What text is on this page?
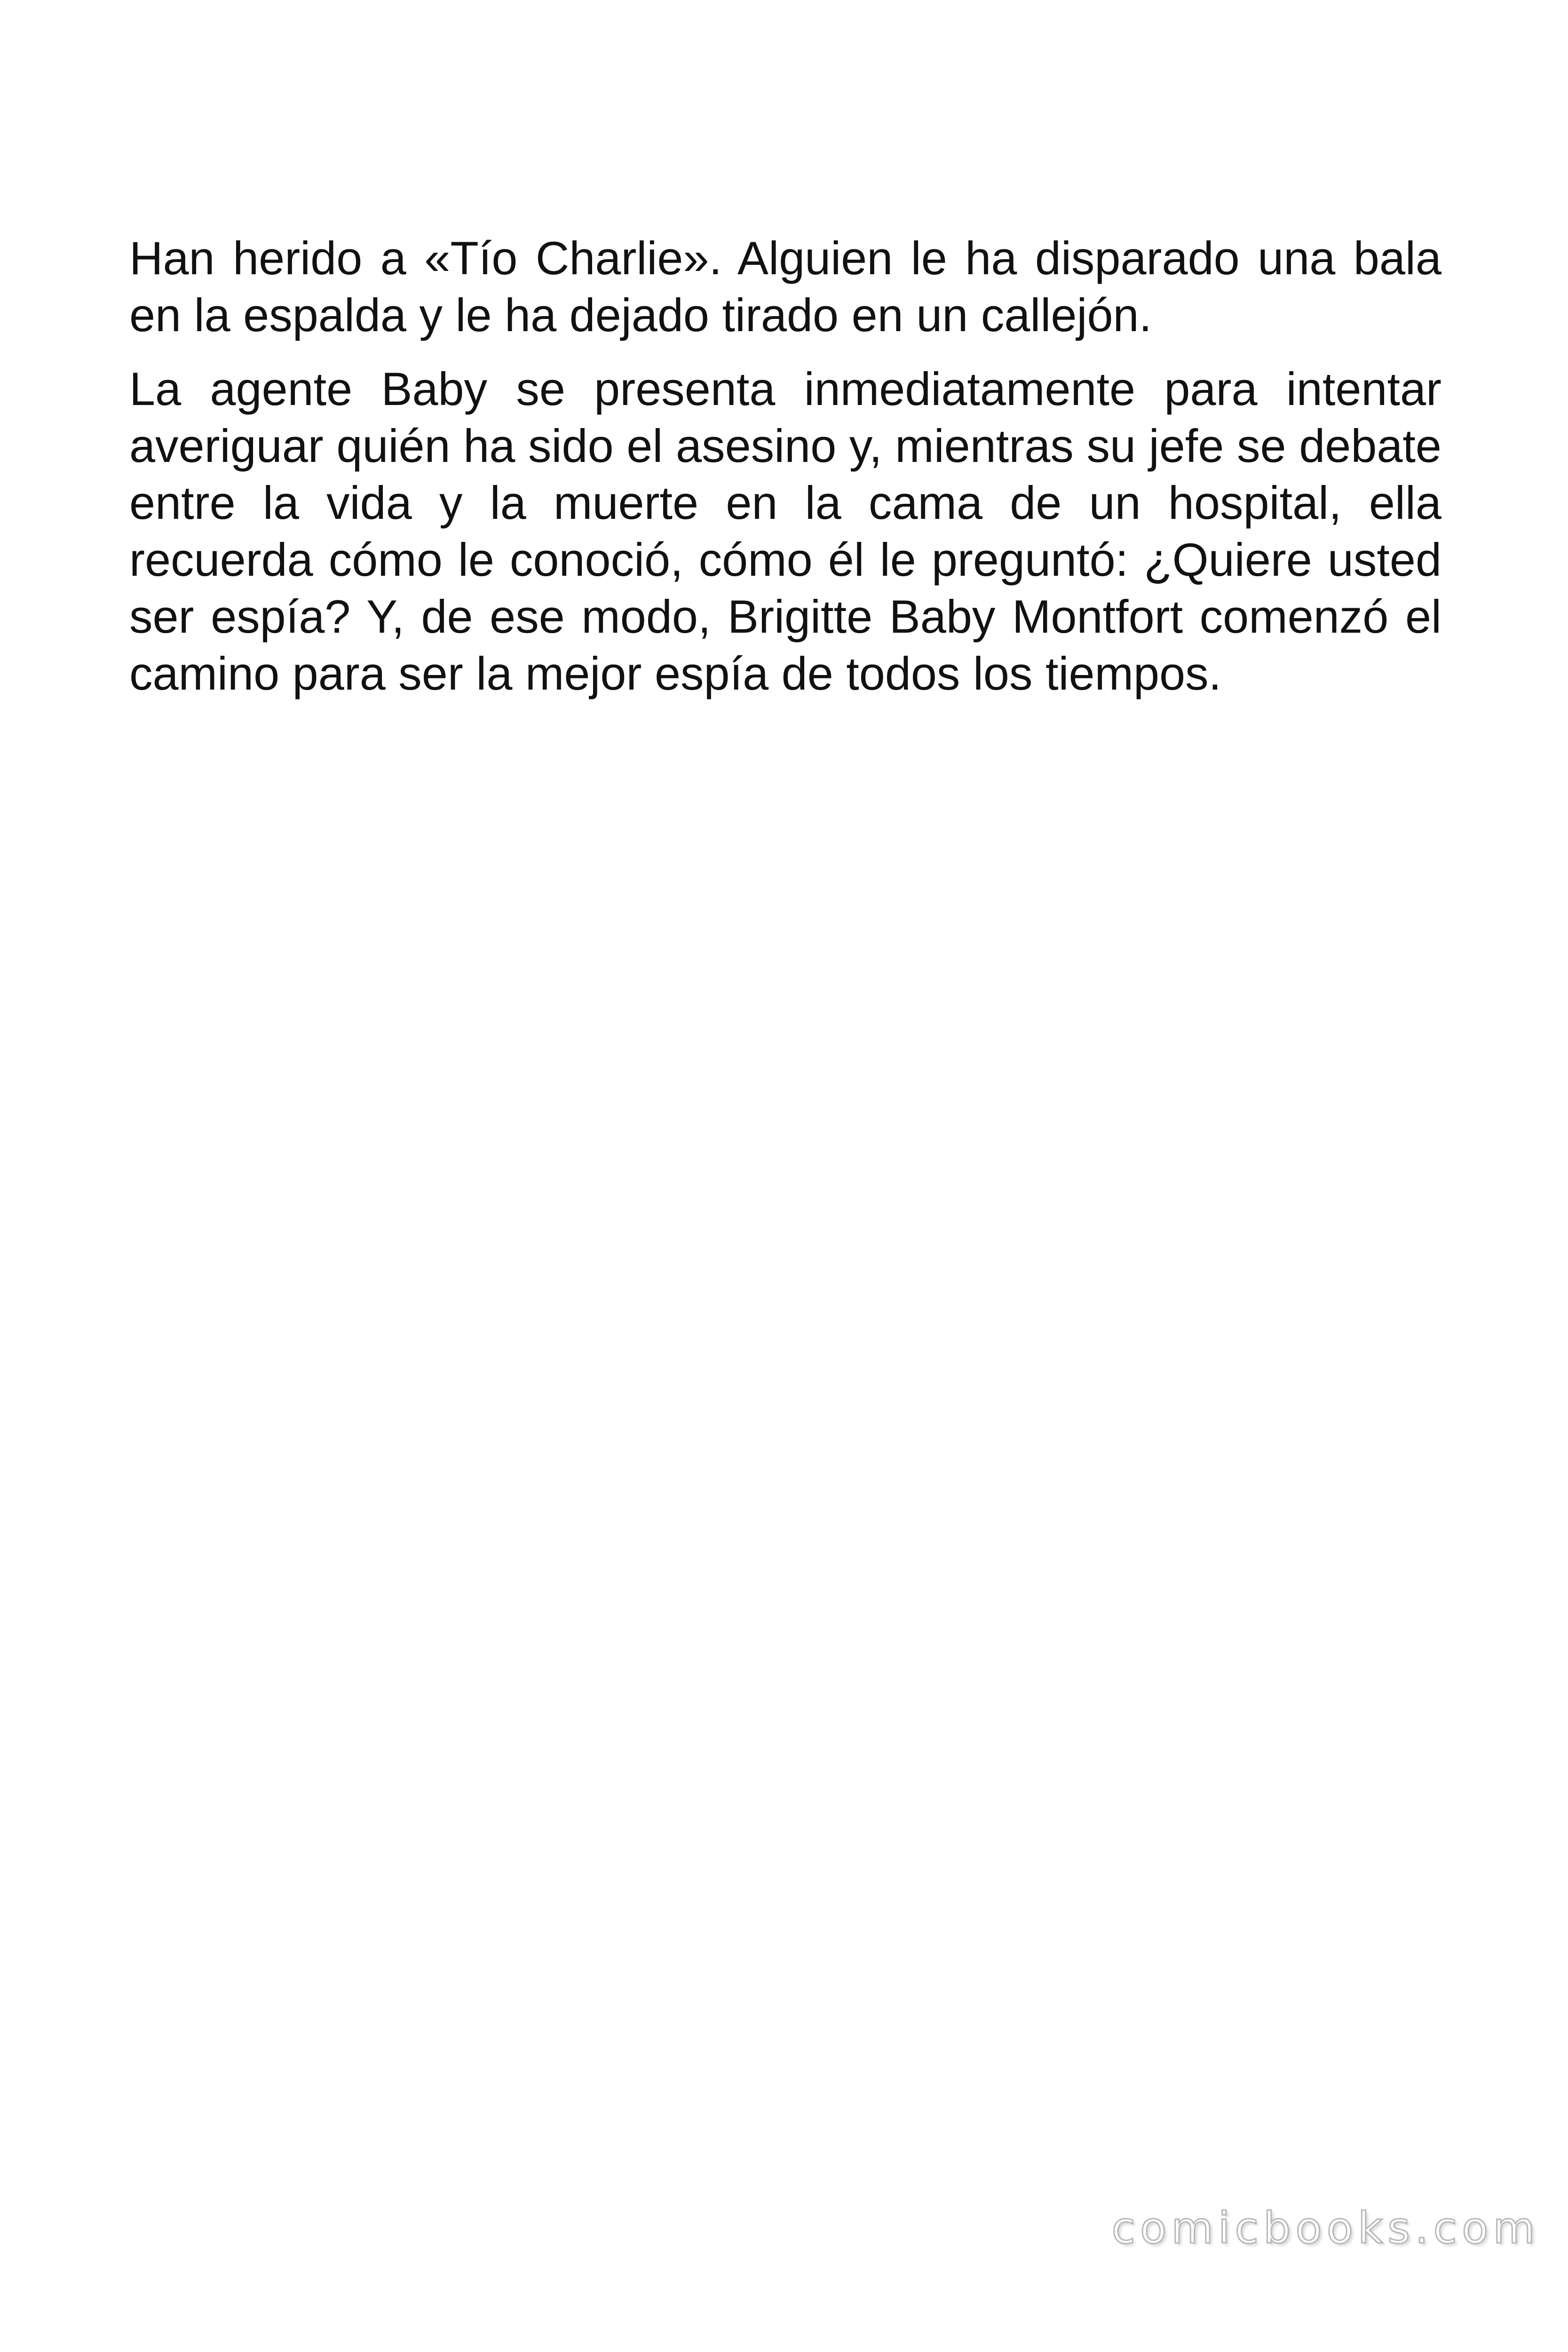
Han herido a «Tío Charlie». Alguien le ha disparado una bala en la espalda y le ha dejado tirado en un callejón.

La agente Baby se presenta inmediatamente para intentar averiguar quién ha sido el asesino y, mientras su jefe se debate entre la vida y la muerte en la cama de un hospital, ella recuerda cómo le conoció, cómo él le preguntó: ¿Quiere usted ser espía? Y, de ese modo, Brigitte Baby Montfort comenzó el camino para ser la mejor espía de todos los tiempos.

comicbooks.com
